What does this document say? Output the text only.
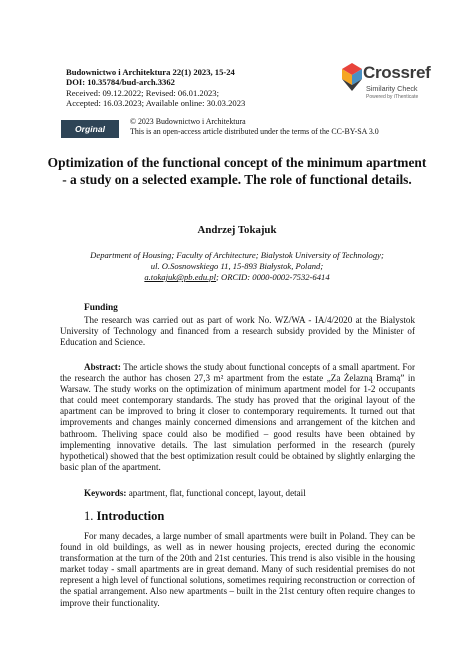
Budownictwo i Architektura 22(1) 2023, 15-24
DOI: 10.35784/bud-arch.3362
Received: 09.12.2022; Revised: 06.01.2023;
Accepted: 16.03.2023; Available online: 30.03.2023
Crossref
Similarity Check
Powered by iThenticate
Orginal Article
© 2023 Budownictwo i Architektura
This is an open-access article distributed under the terms of the CC-BY-SA 3.0
Optimization of the functional concept of the minimum apartment - a study on a selected example. The role of functional details.
Andrzej Tokajuk
Department of Housing; Faculty of Architecture; Bialystok University of Technology;
ul. O.Sosnowskiego 11, 15-893 Białystok, Poland;
a.tokajuk@pb.edu.pl; ORCID: 0000-0002-7532-6414
Funding
The research was carried out as part of work No. WZ/WA - IA/4/2020 at the Bialystok University of Technology and financed from a research subsidy provided by the Minister of Education and Science.
Abstract: The article shows the study about functional concepts of a small apartment. For the research the author has chosen 27,3 m² apartment from the estate „Za Żelazną Bramą” in Warsaw. The study works on the optimization of minimum apartment model for 1-2 occupants that could meet contemporary standards. The study has proved that the original layout of the apartment can be improved to bring it closer to contemporary requirements. It turned out that improvements and changes mainly concerned dimensions and arrangement of the kitchen and bathroom. Theliving space could also be modified – good results have been obtained by implementing innovative details. The last simulation performed in the research (purely hypothetical) showed that the best optimization result could be obtained by slightly enlarging the basic plan of the apartment.
Keywords: apartment, flat, functional concept, layout, detail
1. Introduction
For many decades, a large number of small apartments were built in Poland. They can be found in old buildings, as well as in newer housing projects, erected during the economic transformation at the turn of the 20th and 21st centuries. This trend is also visible in the housing market today - small apartments are in great demand. Many of such residential premises do not represent a high level of functional solutions, sometimes requiring reconstruction or correction of the spatial arrangement. Also new apartments – built in the 21st century often require changes to improve their functionality.
